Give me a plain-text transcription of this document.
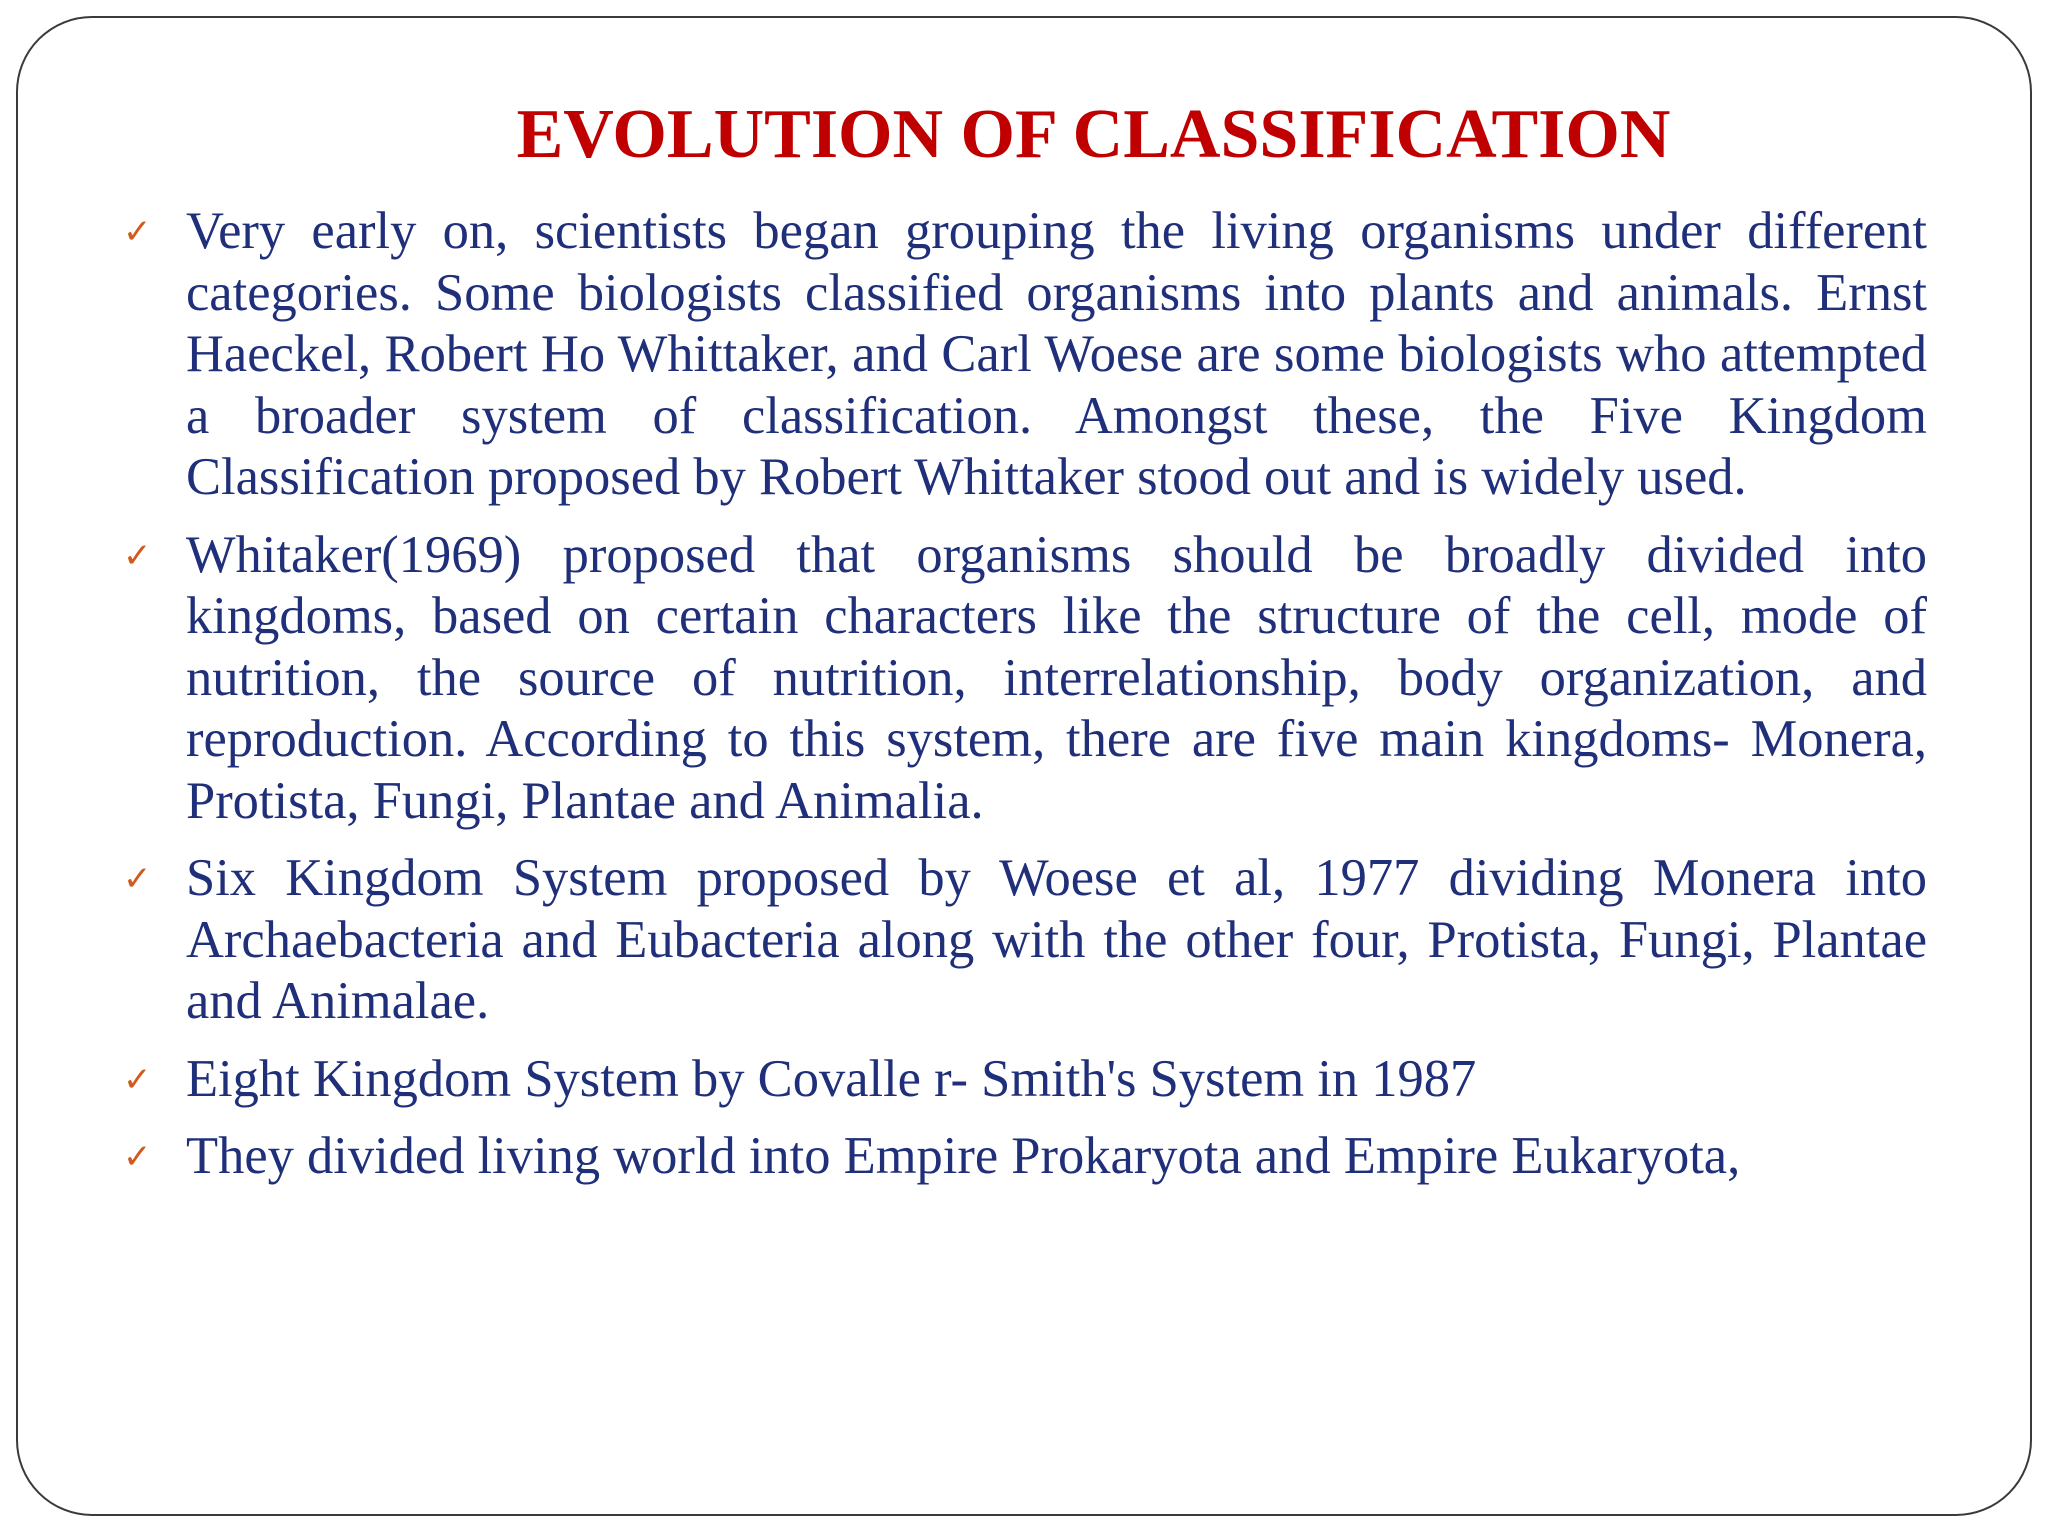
EVOLUTION OF CLASSIFICATION
✓ Very early on, scientists began grouping the living organisms under different categories. Some biologists classified organisms into plants and animals. Ernst Haeckel, Robert Ho Whittaker, and Carl Woese are some biologists who attempted a broader system of classification. Amongst these, the Five Kingdom Classification proposed by Robert Whittaker stood out and is widely used.
✓ Whitaker(1969) proposed that organisms should be broadly divided into kingdoms, based on certain characters like the structure of the cell, mode of nutrition, the source of nutrition, interrelationship, body organization, and reproduction. According to this system, there are five main kingdoms- Monera, Protista, Fungi, Plantae and Animalia.
✓ Six Kingdom System proposed by Woese et al, 1977 dividing Monera into Archaebacteria and Eubacteria along with the other four, Protista, Fungi, Plantae and Animalae.
✓ Eight Kingdom System by Covalle r- Smith's System in 1987
✓ They divided living world into Empire Prokaryota and Empire Eukaryota,
